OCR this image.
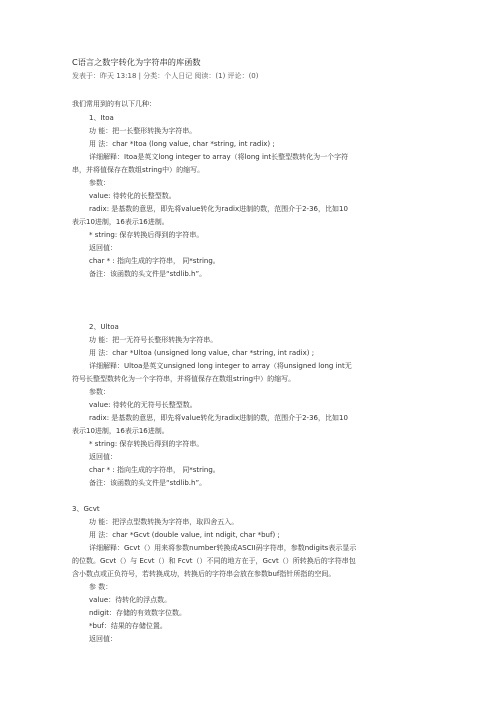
C语言之数字转化为字符串的库函数
发表于：昨天 13:18 | 分类：个人日记 阅读：(1) 评论：(0)
我们常用到的有以下几种：
1、Itoa
功 能：把一长整形转换为字符串。
用 法：char *Itoa (long value, char *string, int radix) ;
详细解释：Itoa是英文long integer to array（将long int长整型数转化为一个字符
串，并将值保存在数组string中）的缩写。
参数：
value: 待转化的长整型数。
radix: 是基数的意思，即先将value转化为radix进制的数，范围介于2-36，比如10
表示10进制，16表示16进制。
* string: 保存转换后得到的字符串。
返回值：
char * : 指向生成的字符串， 同*string。
备注：该函数的头文件是“stdlib.h”。
2、Ultoa
功 能：把一无符号长整形转换为字符串。
用 法：char *Ultoa (unsigned long value, char *string, int radix) ;
详细解释：Ultoa是英文unsigned long integer to array（将unsigned long int无
符号长整型数转化为一个字符串，并将值保存在数组string中）的缩写。
参数：
value: 待转化的无符号长整型数。
radix: 是基数的意思，即先将value转化为radix进制的数，范围介于2-36，比如10
表示10进制，16表示16进制。
* string: 保存转换后得到的字符串。
返回值：
char * : 指向生成的字符串， 同*string。
备注：该函数的头文件是“stdlib.h”。
3、Gcvt
功 能：把浮点型数转换为字符串，取四舍五入。
用 法：char *Gcvt (double value, int ndigit, char *buf) ;
详细解释：Gcvt（）用来将参数number转换成ASCII码字符串，参数ndigits表示显示
的位数。Gcvt（）与 Ecvt（）和 Fcvt（）不同的地方在于，Gcvt（）所转换后的字符串包
含小数点或正负符号，若转换成功，转换后的字符串会放在参数buf指针所指的空间。
参 数：
value：待转化的浮点数。
ndigit：存储的有效数字位数。
*buf：结果的存储位置。
返回值：
